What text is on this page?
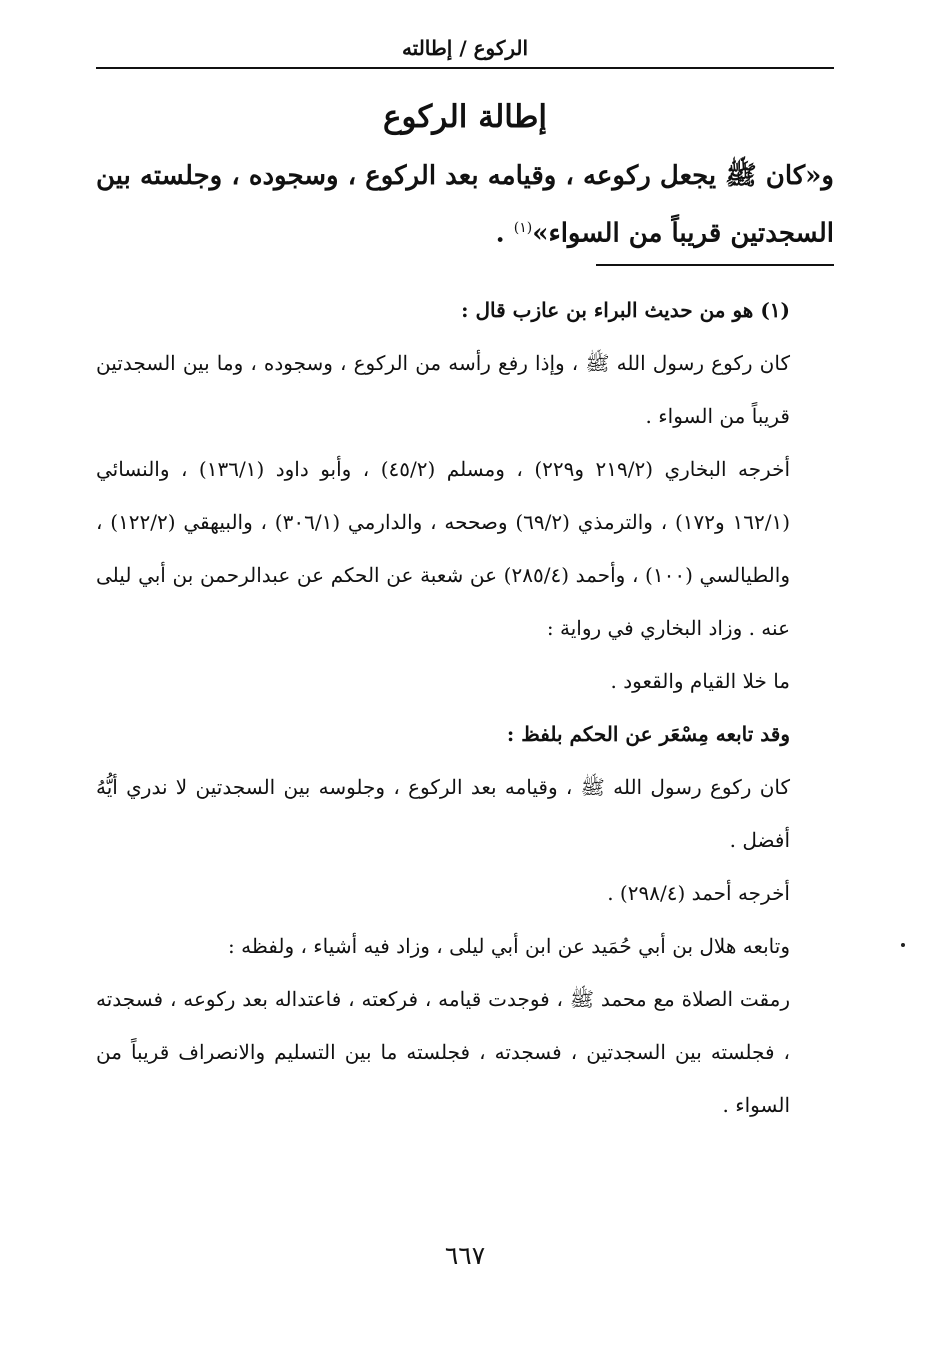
الركوع / إطالته
إطالة الركوع
و«كان ﷺ يجعل ركوعه ، وقيامه بعد الركوع ، وسجوده ، وجلسته بين السجدتين قريباً من السواء»$^{(١)}$ .

(١) هو من حديث البراء بن عازب قال :

كان ركوع رسول الله ﷺ ، وإذا رفع رأسه من الركوع ، وسجوده ، وما بين السجدتين قريباً من السواء .

أخرجه البخاري (٢١٩/٢ و٢٢٩) ، ومسلم (٤٥/٢) ، وأبو داود (١٣٦/١) ، والنسائي (١٦٢/١ و١٧٢) ، والترمذي (٦٩/٢) وصححه ، والدارمي (٣٠٦/١) ، والبيهقي (١٢٢/٢) ، والطيالسي (١٠٠) ، وأحمد (٢٨٥/٤) عن شعبة عن الحكم عن عبدالرحمن بن أبي ليلى عنه . وزاد البخاري في رواية :

ما خلا القيام والقعود .

وقد تابعه مِسْعَر عن الحكم بلفظ :

كان ركوع رسول الله ﷺ ، وقيامه بعد الركوع ، وجلوسه بين السجدتين لا ندري أيُّهُ أفضل .

أخرجه أحمد (٢٩٨/٤) .

وتابعه هلال بن أبي حُمَيد عن ابن أبي ليلى ، وزاد فيه أشياء ، ولفظه :

رمقت الصلاة مع محمد ﷺ ، فوجدت قيامه ، فركعته ، فاعتداله بعد ركوعه ، فسجدته ، فجلسته بين السجدتين ، فسجدته ، فجلسته ما بين التسليم والانصراف قريباً من السواء .

٦٦٧
